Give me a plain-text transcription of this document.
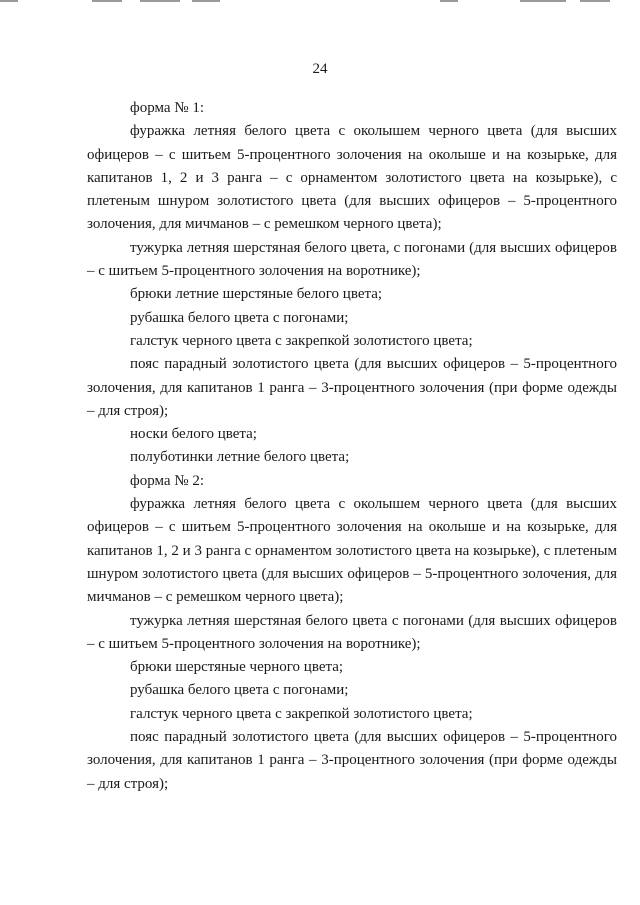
24

форма № 1:

фуражка летняя белого цвета с околышем черного цвета (для высших офицеров – с шитьем 5-процентного золочения на околыше и на козырьке, для капитанов 1, 2 и 3 ранга – с орнаментом золотистого цвета на козырьке), с плетеным шнуром золотистого цвета (для высших офицеров – 5-процентного золочения, для мичманов – с ремешком черного цвета);

тужурка летняя шерстяная белого цвета, с погонами (для высших офицеров – с шитьем 5-процентного золочения на воротнике);

брюки летние шерстяные белого цвета;

рубашка белого цвета с погонами;

галстук черного цвета с закрепкой золотистого цвета;

пояс парадный золотистого цвета (для высших офицеров – 5-процентного золочения, для капитанов 1 ранга – 3-процентного золочения (при форме одежды – для строя);

носки белого цвета;

полуботинки летние белого цвета;

форма № 2:

фуражка летняя белого цвета с околышем черного цвета (для высших офицеров – с шитьем 5-процентного золочения на околыше и на козырьке, для капитанов 1, 2 и 3 ранга с орнаментом золотистого цвета на козырьке), с плетеным шнуром золотистого цвета (для высших офицеров – 5-процентного золочения, для мичманов – с ремешком черного цвета);

тужурка летняя шерстяная белого цвета с погонами (для высших офицеров – с шитьем 5-процентного золочения на воротнике);

брюки шерстяные черного цвета;

рубашка белого цвета с погонами;

галстук черного цвета с закрепкой золотистого цвета;

пояс парадный золотистого цвета (для высших офицеров – 5-процентного золочения, для капитанов 1 ранга – 3-процентного золочения (при форме одежды – для строя);
